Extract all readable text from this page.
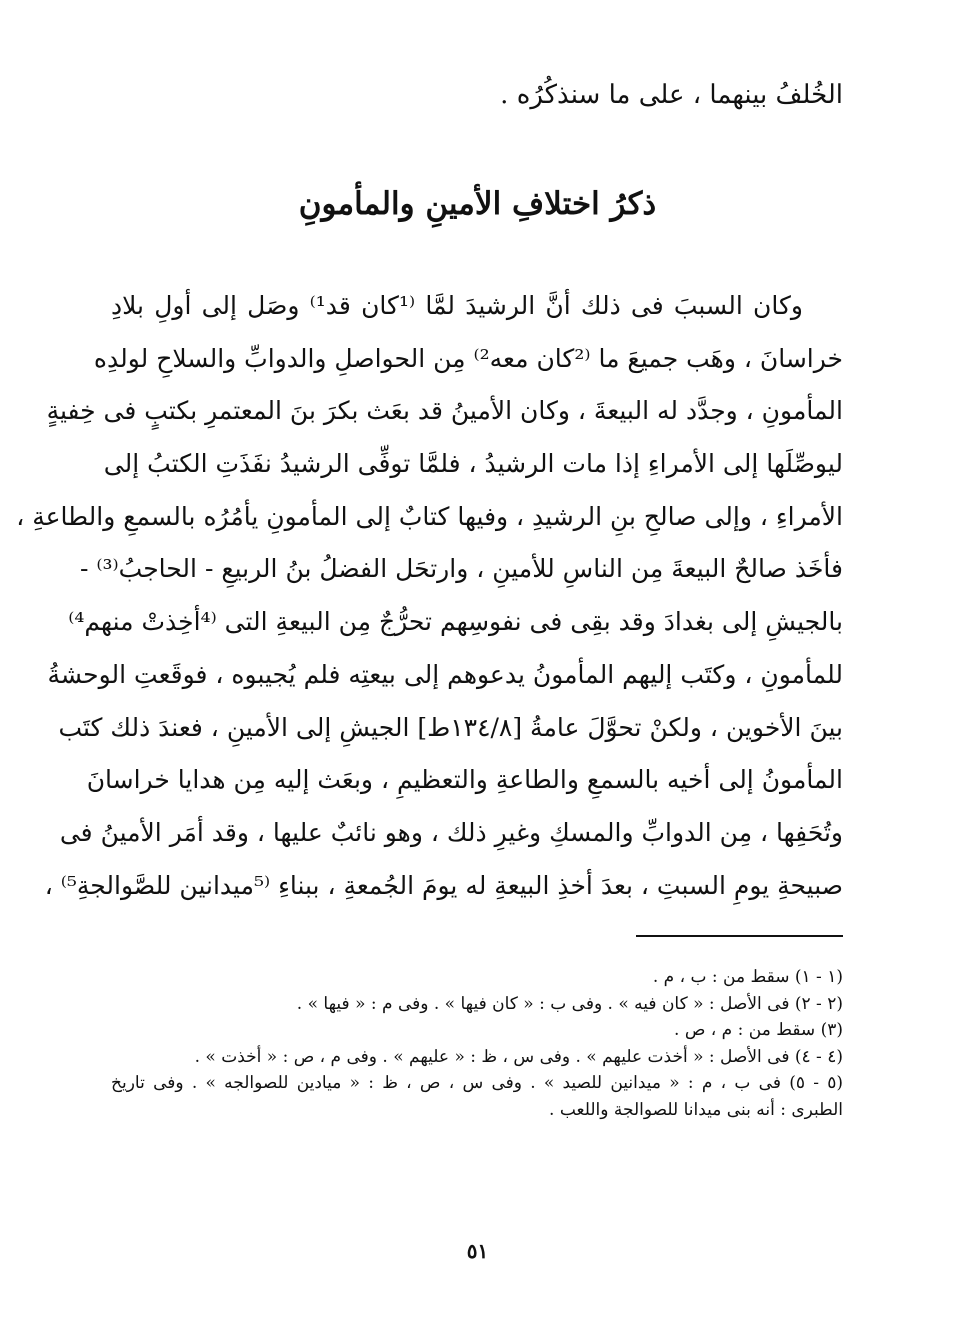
الخُلفُ بينهما ، على ما سنذكُرُه .
ذكرُ اختلافِ الأمينِ والمأمونِ
وكان السببَ فى ذلك أنَّ الرشيدَ لمَّا ⁽¹كان قد¹⁾ وصَل إلى أولِ بلادِ
خراسانَ ، وهَب جميعَ ما ⁽²كان معه²⁾ مِن الحواصلِ والدوابِّ والسلاحِ لولدِه
المأمونِ ، وجدَّد له البيعةَ ، وكان الأمينُ قد بعَث بكرَ بنَ المعتمرِ بكتبٍ فى خِفيةٍ
ليوصِّلَها إلى الأمراءِ إذا مات الرشيدُ ، فلمَّا توفِّى الرشيدُ نفَذَتِ الكتبُ إلى
الأمراءِ ، وإلى صالحِ بنِ الرشيدِ ، وفيها كتابٌ إلى المأمونِ يأمُرُه بالسمعِ والطاعةِ ،
فأخَذ صالحٌ البيعةَ مِن الناسِ للأمينِ ، وارتحَل الفضلُ بنُ الربيعِ - الحاجبُ⁽³⁾ -
بالجيشِ إلى بغدادَ وقد بقِى فى نفوسِهم تحرُّجٌ مِن البيعةِ التى ⁽⁴أخِذتْ منهم⁴⁾
للمأمونِ ، وكتَب إليهم المأمونُ يدعوهم إلى بيعتِه فلم يُجيبوه ، فوقَعتِ الوحشةُ
بينَ الأخوين ، ولكنْ تحوَّلَ عامةُ [١٣٤/٨ط] الجيشِ إلى الأمينِ ، فعندَ ذلك كتَب
المأمونُ إلى أخيه بالسمعِ والطاعةِ والتعظيمِ ، وبعَث إليه مِن هدايا خراسانَ
وتُحَفِها ، مِن الدوابِّ والمسكِ وغيرِ ذلك ، وهو نائبٌ عليها ، وقد أمَر الأمينُ فى
صبيحةِ يومِ السبتِ ، بعدَ أخذِ البيعةِ له يومَ الجُمعةِ ، ببناءِ ⁽⁵ميدانين للصَّوالجةِ⁵⁾ ،
(١ - ١) سقط من : ب ، م .
(٢ - ٢) فى الأصل : « كان فيه » . وفى ب : « كان فيها » . وفى م : « فيها » .
(٣) سقط من : م ، ص .
(٤ - ٤) فى الأصل : « أخذت عليهم » . وفى س ، ظ : « عليهم » . وفى م ، ص : « أخذت » .
(٥ - ٥) فى ب ، م : « ميدانين للصيد » . وفى س ، ص ، ظ : « ميادين للصوالجه » . وفى تاريخ
الطبرى : أنه بنى ميدانا للصوالجة واللعب .
٥١
